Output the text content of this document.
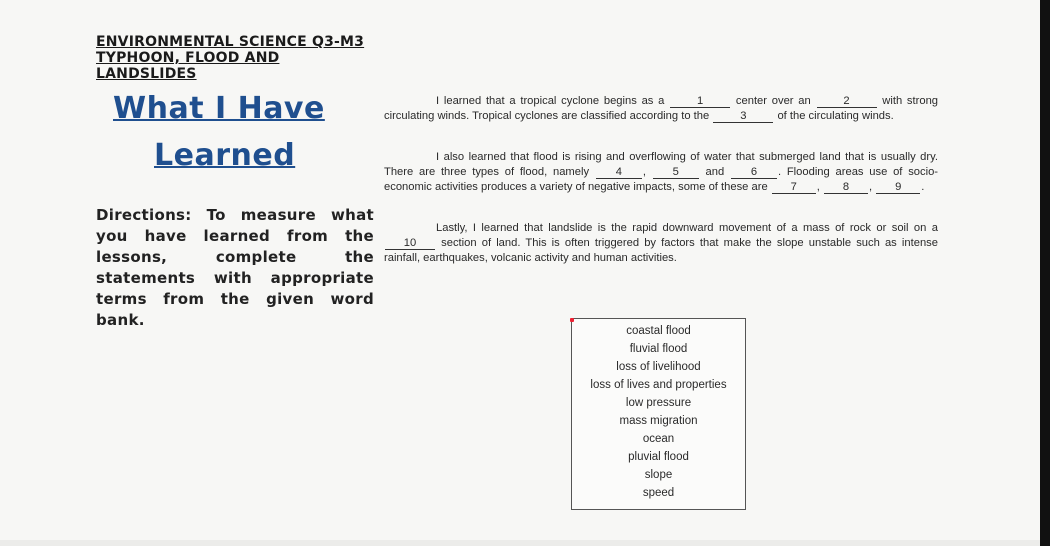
ENVIRONMENTAL SCIENCE Q3-M3
TYPHOON, FLOOD AND
LANDSLIDES
What I Have
Learned
Directions: To measure what you have learned from the lessons, complete the statements with appropriate terms from the given word bank.
I learned that a tropical cyclone begins as a	1	center over an	2	with strong circulating winds. Tropical cyclones are classified according to the	3	of the circulating winds.
I also learned that flood is rising and overflowing of water that submerged land that is usually dry. There are three types of flood, namely 4 , 5 and 6 . Flooding areas use of socio-economic activities produces a variety of negative impacts, some of these are 7 , 8 , 9 .
Lastly, I learned that landslide is the rapid downward movement of a mass of rock or soil on a 10 section of land. This is often triggered by factors that make the slope unstable such as intense rainfall, earthquakes, volcanic activity and human activities.
coastal flood
fluvial flood
loss of livelihood
loss of lives and properties
low pressure
mass migration
ocean
pluvial flood
slope
speed
